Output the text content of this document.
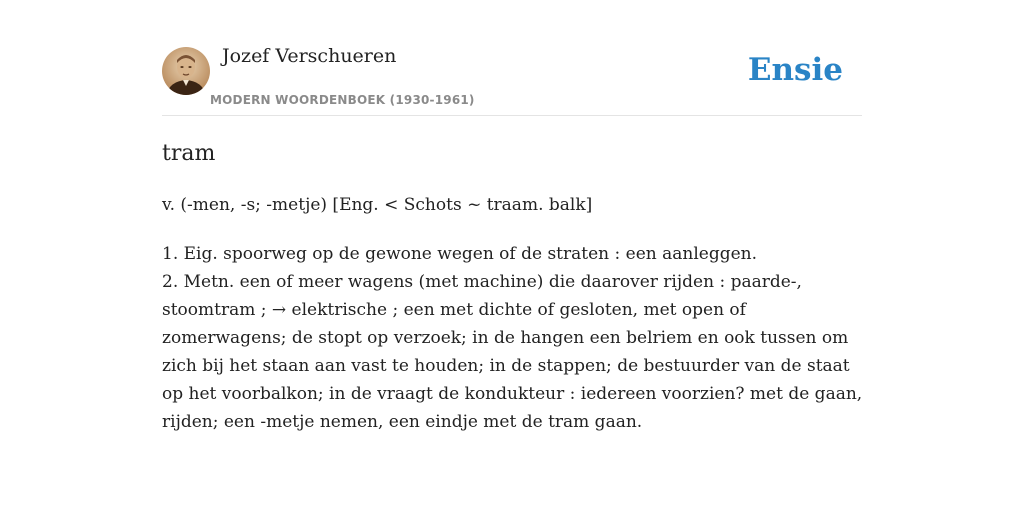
Jozef Verschueren
MODERN WOORDENBOEK (1930-1961)
Ensie
tram
v. (-men, -s; -metje) [Eng. < Schots ~ traam. balk]
1. Eig. spoorweg op de gewone wegen of de straten : een aanleggen.
2. Metn. een of meer wagens (met machine) die daarover rijden : paarde-,
stoomtram ; → elektrische ; een met dichte of gesloten, met open of
zomerwagens; de stopt op verzoek; in de hangen een belriem en ook tussen om
zich bij het staan aan vast te houden; in de stappen; de bestuurder van de staat
op het voorbalkon; in de vraagt de kondukteur : iedereen voorzien? met de gaan,
rijden; een -metje nemen, een eindje met de tram gaan.
